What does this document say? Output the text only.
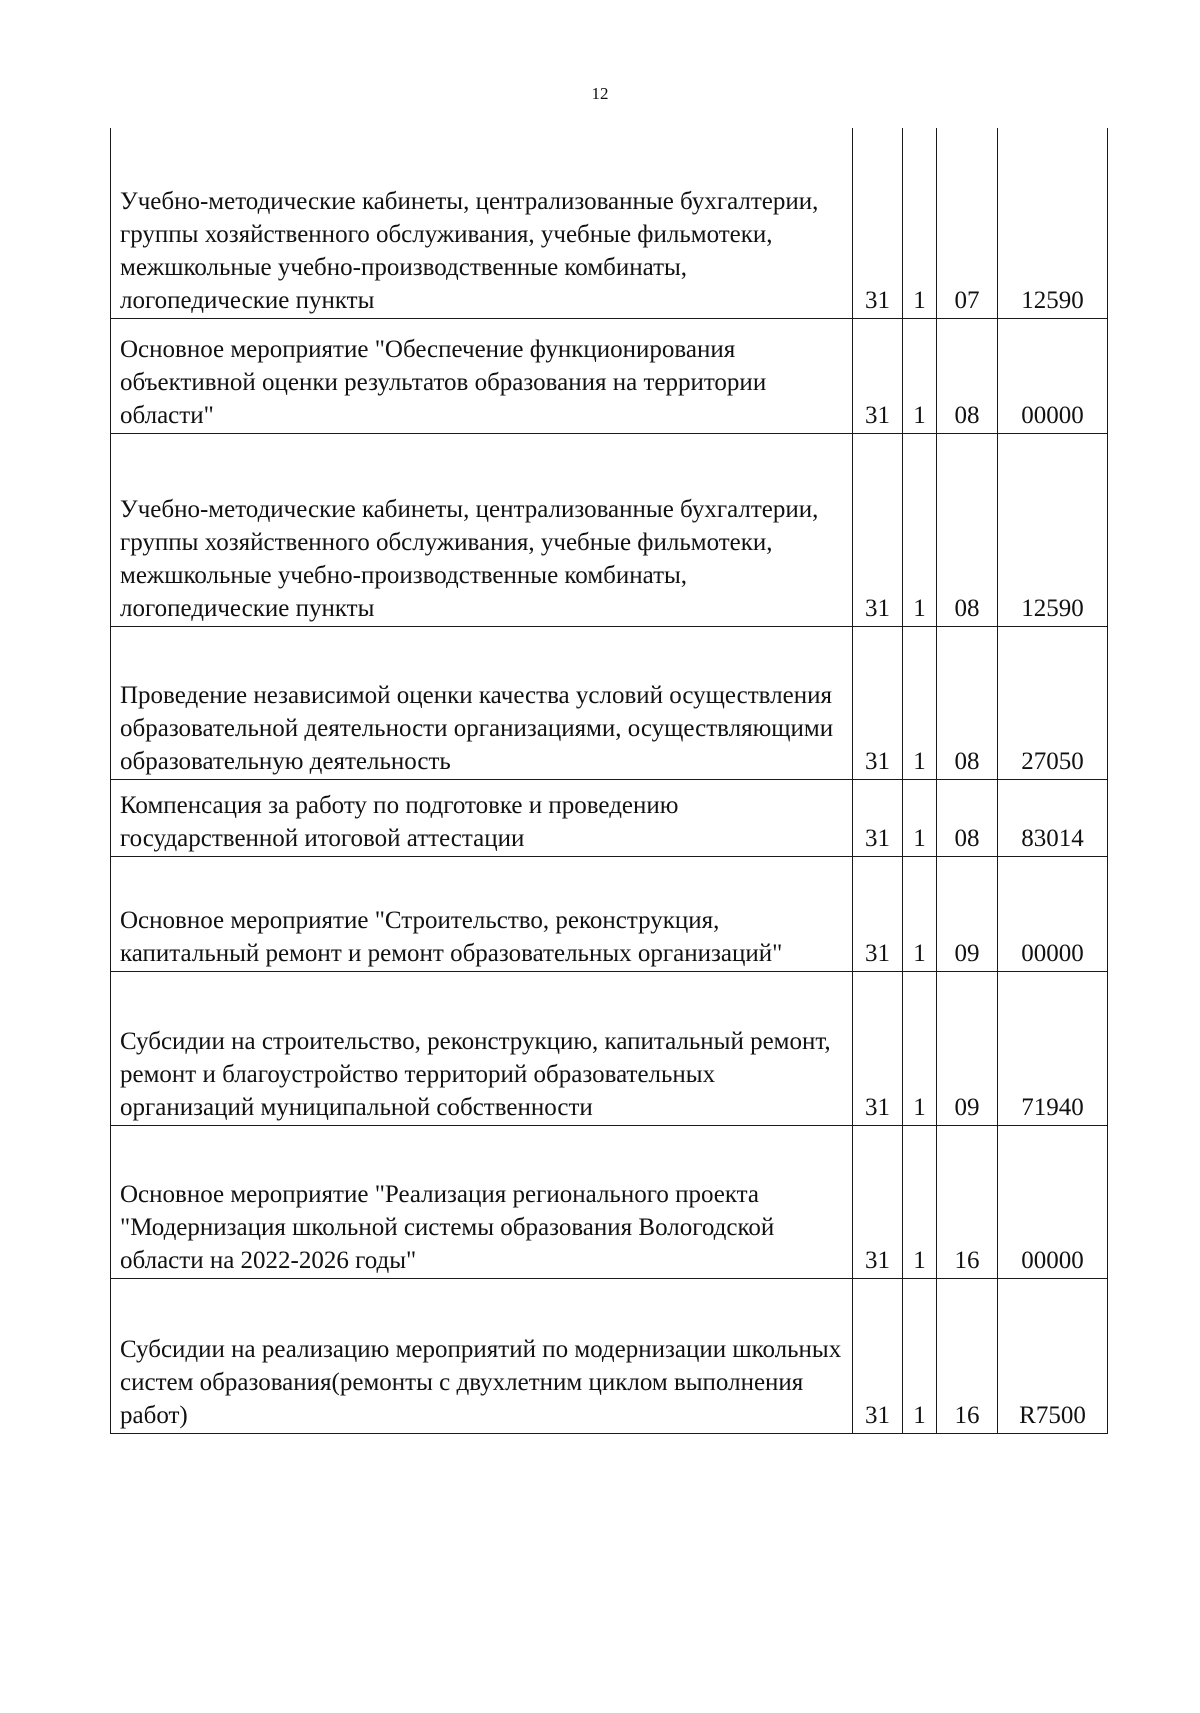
12
Учебно-методические кабинеты, централизованные бухгалтерии, группы хозяйственного обслуживания, учебные фильмотеки, межшкольные учебно-производственные комбинаты, логопедические пункты	31	1	07	12590
Основное мероприятие "Обеспечение функционирования объективной оценки результатов образования на территории области"	31	1	08	00000
Учебно-методические кабинеты, централизованные бухгалтерии, группы хозяйственного обслуживания, учебные фильмотеки, межшкольные учебно-производственные комбинаты, логопедические пункты	31	1	08	12590
Проведение независимой оценки качества условий осуществления образовательной деятельности организациями, осуществляющими образовательную деятельность	31	1	08	27050
Компенсация за работу по подготовке и проведению государственной итоговой аттестации	31	1	08	83014
Основное мероприятие "Строительство, реконструкция, капитальный ремонт и ремонт образовательных организаций"	31	1	09	00000
Субсидии на строительство, реконструкцию, капитальный ремонт, ремонт и благоустройство территорий образовательных организаций муниципальной собственности	31	1	09	71940
Основное мероприятие "Реализация регионального проекта "Модернизация школьной системы образования Вологодской области на 2022-2026 годы"	31	1	16	00000
Субсидии на реализацию мероприятий по модернизации школьных систем образования(ремонты с двухлетним циклом выполнения работ)	31	1	16	R7500
